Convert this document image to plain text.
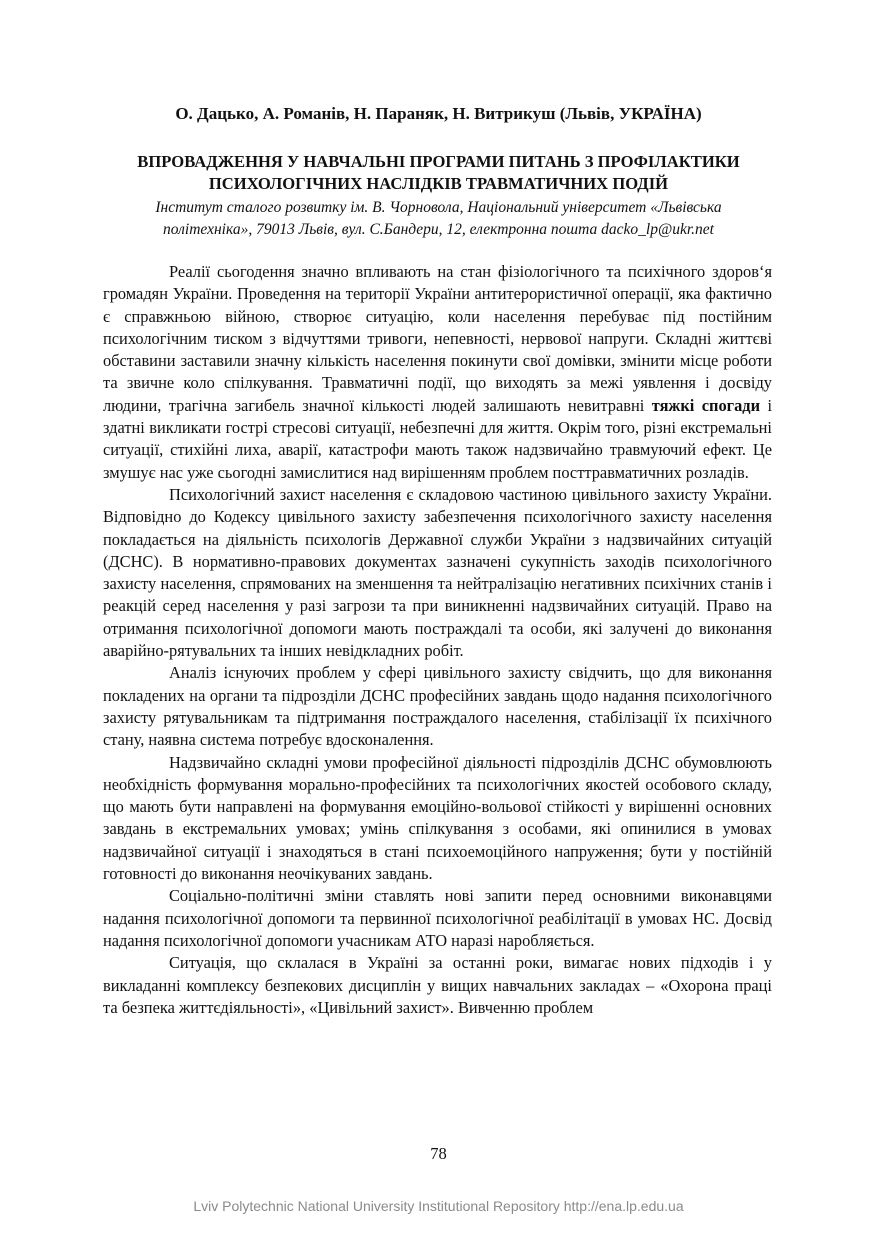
О. Дацько, А. Романів, Н. Параняк, Н. Витрикуш (Львів, УКРАЇНА)
ВПРОВАДЖЕННЯ У НАВЧАЛЬНІ ПРОГРАМИ ПИТАНЬ З ПРОФІЛАКТИКИ
ПСИХОЛОГІЧНИХ НАСЛІДКІВ ТРАВМАТИЧНИХ ПОДІЙ
Інститут сталого розвитку ім. В. Чорновола, Національний університет «Львівська
політехніка», 79013 Львів, вул. С.Бандери, 12, електронна пошта dacko_lp@ukr.net

Реалії сьогодення значно впливають на стан фізіологічного та психічного здоров‘я громадян України. Проведення на території України антитерористичної операції, яка фактично є справжньою війною, створює ситуацію, коли населення перебуває під постійним психологічним тиском з відчуттями тривоги, непевності, нервової напруги. Складні життєві обставини заставили значну кількість населення покинути свої домівки, змінити місце роботи та звичне коло спілкування. Травматичні події, що виходять за межі уявлення і досвіду людини, трагічна загибель значної кількості людей залишають невитравні тяжкі спогади і здатні викликати гострі стресові ситуації, небезпечні для життя. Окрім того, різні екстремальні ситуації, стихійні лиха, аварії, катастрофи мають також надзвичайно травмуючий ефект. Це змушує нас уже сьогодні замислитися над вирішенням проблем посттравматичних розладів.

Психологічний захист населення є складовою частиною цивільного захисту України. Відповідно до Кодексу цивільного захисту забезпечення психологічного захисту населення покладається на діяльність психологів Державної служби України з надзвичайних ситуацій (ДСНС). В нормативно-правових документах зазначені сукупність заходів психологічного захисту населення, спрямованих на зменшення та нейтралізацію негативних психічних станів і реакцій серед населення у разі загрози та при виникненні надзвичайних ситуацій. Право на отримання психологічної допомоги мають постраждалі та особи, які залучені до виконання аварійно-рятувальних та інших невідкладних робіт.

Аналіз існуючих проблем у сфері цивільного захисту свідчить, що для виконання покладених на органи та підрозділи ДСНС професійних завдань щодо надання психологічного захисту рятувальникам та підтримання постраждалого населення, стабілізації їх психічного стану, наявна система потребує вдосконалення.

Надзвичайно складні умови професійної діяльності підрозділів ДСНС обумовлюють необхідність формування морально-професійних та психологічних якостей особового складу, що мають бути направлені на формування емоційно-вольової стійкості у вирішенні основних завдань в екстремальних умовах; умінь спілкування з особами, які опинилися в умовах надзвичайної ситуації і знаходяться в стані психоемоційного напруження; бути у постійній готовності до виконання неочікуваних завдань.

Соціально-політичні зміни ставлять нові запити перед основними виконавцями надання психологічної допомоги та первинної психологічної реабілітації в умовах НС. Досвід надання психологічної допомоги учасникам АТО наразі наробляється.

Ситуація, що склалася в Україні за останні роки, вимагає нових підходів і у викладанні комплексу безпекових дисциплін у вищих навчальних закладах – «Охорона праці та безпека життєдіяльності», «Цивільний захист». Вивченню проблем

78
Lviv Polytechnic National University Institutional Repository http://ena.lp.edu.ua
